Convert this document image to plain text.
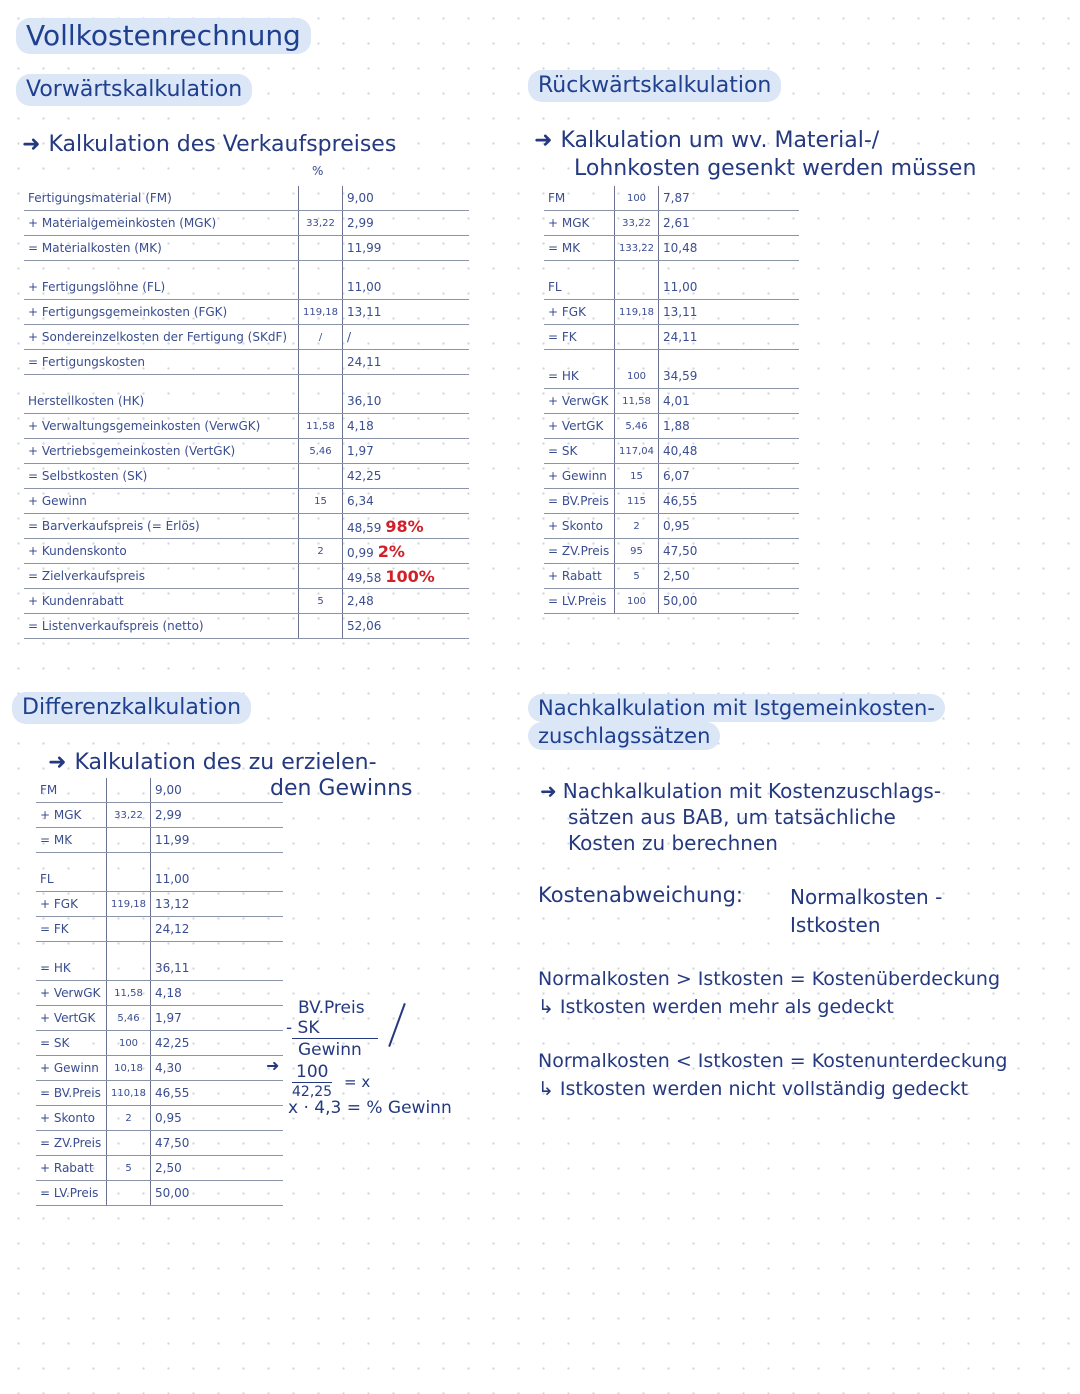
Vollkostenrechnung
Vorwärtskalkulation
➜ Kalkulation des Verkaufspreises
%
Fertigungsmaterial (FM)		9,00
+ Materialgemeinkosten (MGK)	33,22	2,99
= Materialkosten (MK)		11,99

+ Fertigungslöhne (FL)		11,00
+ Fertigungsgemeinkosten (FGK)	119,18	13,11
+ Sondereinzelkosten der Fertigung (SKdF)	/	/
= Fertigungskosten		24,11

Herstellkosten (HK)		36,10
+ Verwaltungsgemeinkosten (VerwGK)	11,58	4,18
+ Vertriebsgemeinkosten (VertGK)	5,46	1,97
= Selbstkosten (SK)		42,25
+ Gewinn	15	6,34
= Barverkaufspreis (= Erlös)		48,59 98%
+ Kundenskonto	2	0,99 2%
= Zielverkaufspreis		49,58 100%
+ Kundenrabatt	5	2,48
= Listenverkaufspreis (netto)		52,06
Rückwärtskalkulation
➜ Kalkulation um wv. Material-/
Lohnkosten gesenkt werden müssen
FM	100	7,87
+ MGK	33,22	2,61
= MK	133,22	10,48

FL		11,00
+ FGK	119,18	13,11
= FK		24,11

= HK	100	34,59
+ VerwGK	11,58	4,01
+ VertGK	5,46	1,88
= SK	117,04	40,48
+ Gewinn	15	6,07
= BV.Preis	115	46,55
+ Skonto	2	0,95
= ZV.Preis	95	47,50
+ Rabatt	5	2,50
= LV.Preis	100	50,00
Differenzkalkulation
➜ Kalkulation des zu erzielen-
den Gewinns
FM		9,00
+ MGK	33,22	2,99
= MK		11,99

FL		11,00
+ FGK	119,18	13,12
= FK		24,12

= HK		36,11
+ VerwGK	11,58	4,18
+ VertGK	5,46	1,97
= SK	100	42,25
+ Gewinn	10,18	4,30
= BV.Preis	110,18	46,55
+ Skonto	2	0,95
= ZV.Preis		47,50
+ Rabatt	5	2,50
= LV.Preis		50,00
BV.Preis
- SK
Gewinn
➜ 100
42,25
= x
x · 4,3 = % Gewinn
Nachkalkulation mit Istgemeinkosten-
zuschlagssätzen
➜ Nachkalkulation mit Kostenzuschlags-
sätzen aus BAB, um tatsächliche
Kosten zu berechnen
Kostenabweichung: Normalkosten -
Istkosten
Normalkosten > Istkosten = Kostenüberdeckung
↳ Istkosten werden mehr als gedeckt
Normalkosten < Istkosten = Kostenunterdeckung
↳ Istkosten werden nicht vollständig gedeckt
